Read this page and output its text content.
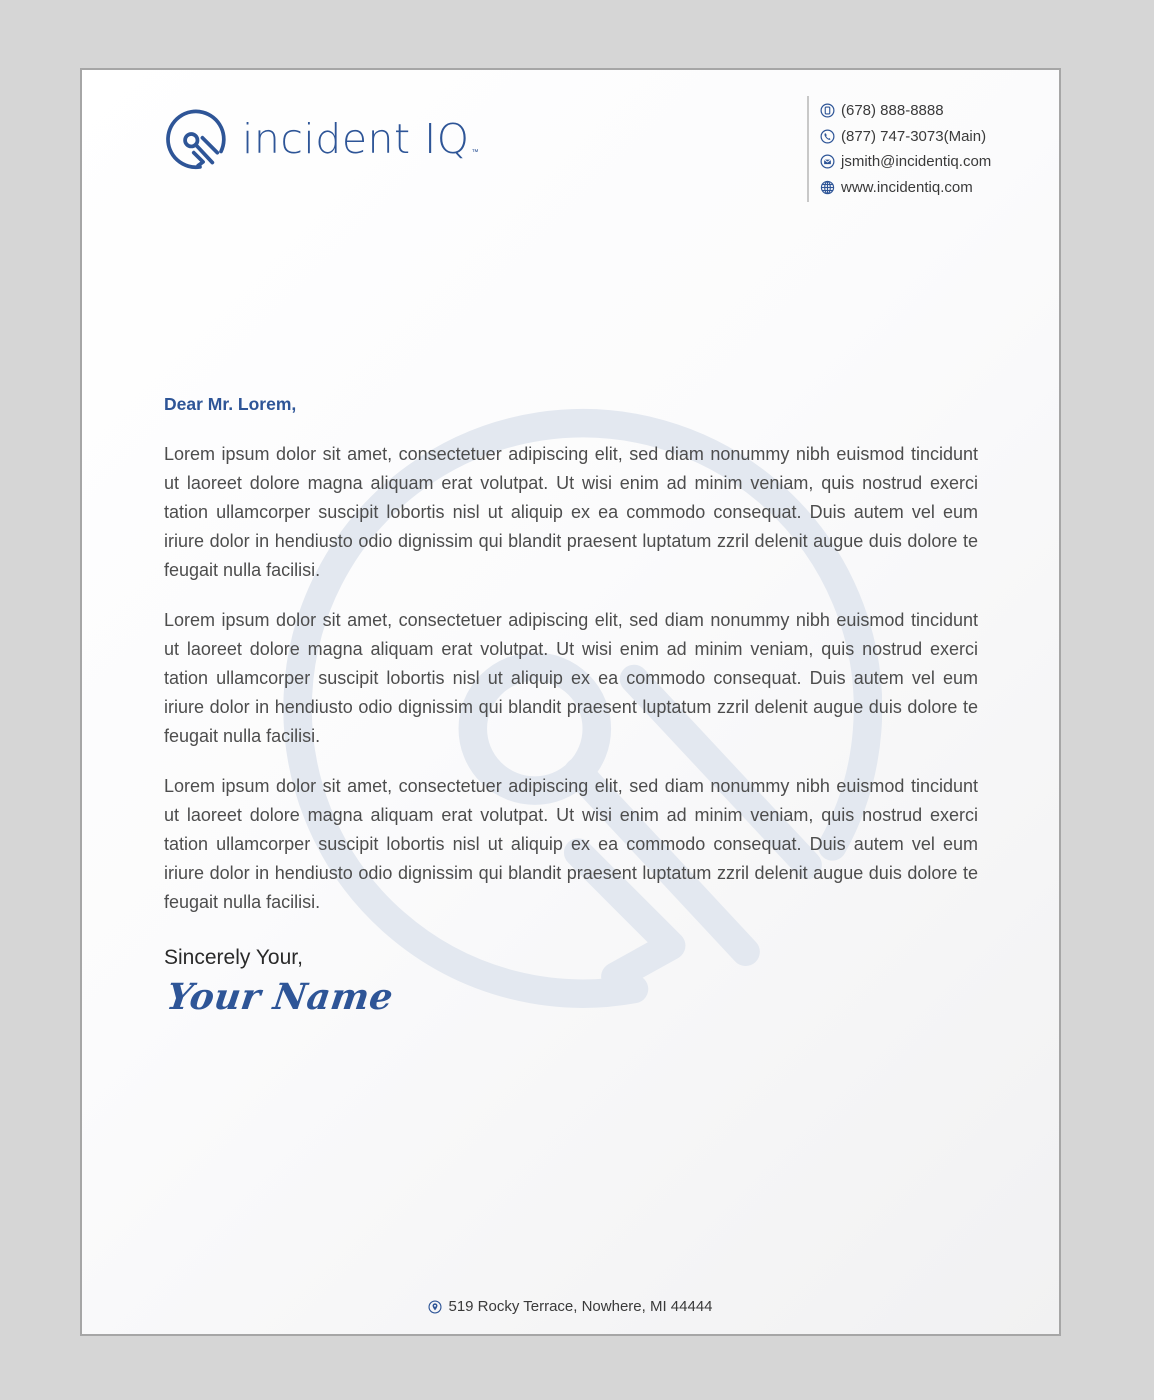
incident IQ ™
(678) 888-8888
(877) 747-3073(Main)
jsmith@incidentiq.com
www.incidentiq.com
Dear Mr. Lorem,

Lorem ipsum dolor sit amet, consectetuer adipiscing elit, sed diam nonummy nibh euismod tincidunt ut laoreet dolore magna aliquam erat volutpat. Ut wisi enim ad minim veniam, quis nostrud exerci tation ullamcorper suscipit lobortis nisl ut aliquip ex ea commodo consequat. Duis autem vel eum iriure dolor in hendiusto odio dignissim qui blandit praesent luptatum zzril delenit augue duis dolore te feugait nulla facilisi.

Lorem ipsum dolor sit amet, consectetuer adipiscing elit, sed diam nonummy nibh euismod tincidunt ut laoreet dolore magna aliquam erat volutpat. Ut wisi enim ad minim veniam, quis nostrud exerci tation ullamcorper suscipit lobortis nisl ut aliquip ex ea commodo consequat. Duis autem vel eum iriure dolor in hendiusto odio dignissim qui blandit praesent luptatum zzril delenit augue duis dolore te feugait nulla facilisi.

Lorem ipsum dolor sit amet, consectetuer adipiscing elit, sed diam nonummy nibh euismod tincidunt ut laoreet dolore magna aliquam erat volutpat. Ut wisi enim ad minim veniam, quis nostrud exerci tation ullamcorper suscipit lobortis nisl ut aliquip ex ea commodo consequat. Duis autem vel eum iriure dolor in hendiusto odio dignissim qui blandit praesent luptatum zzril delenit augue duis dolore te feugait nulla facilisi.

Sincerely Your,
Your Name
519 Rocky Terrace, Nowhere, MI 44444
